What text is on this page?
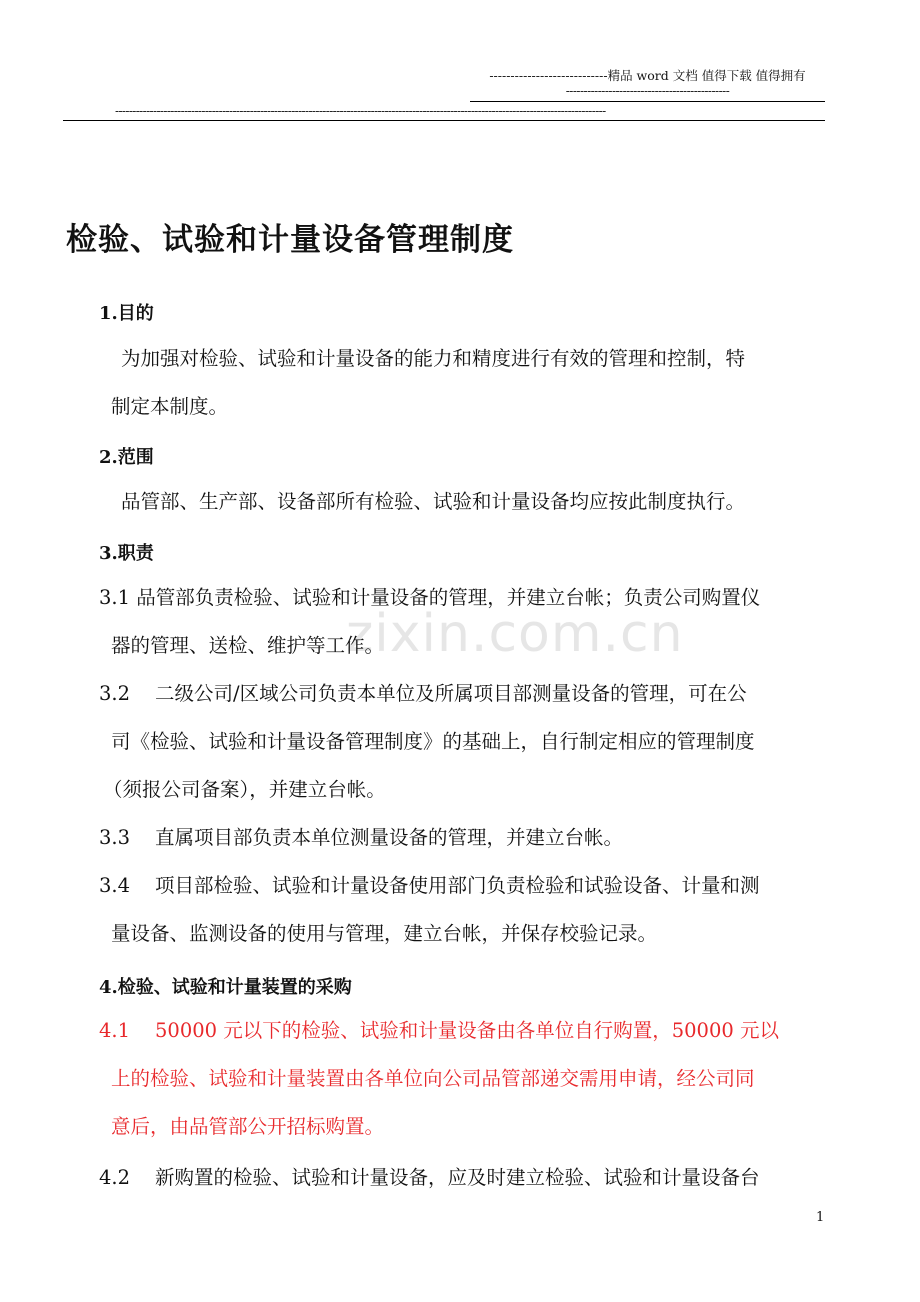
----------------------------精品 word 文档 值得下载 值得拥有
----------------------------------------------
----------------------------------------------------------------------------------------------------------------------------------------------
zixin.com.cn
检验、试验和计量设备管理制度
1.目的
为加强对检验、试验和计量设备的能力和精度进行有效的管理和控制，特
制定本制度。
2.范围
品管部、生产部、设备部所有检验、试验和计量设备均应按此制度执行。
3.职责
3.1 品管部负责检验、试验和计量设备的管理，并建立台帐；负责公司购置仪
器的管理、送检、维护等工作。
3.2 二级公司/区域公司负责本单位及所属项目部测量设备的管理，可在公
司《检验、试验和计量设备管理制度》的基础上，自行制定相应的管理制度
（须报公司备案），并建立台帐。
3.3 直属项目部负责本单位测量设备的管理，并建立台帐。
3.4 项目部检验、试验和计量设备使用部门负责检验和试验设备、计量和测
量设备、监测设备的使用与管理，建立台帐，并保存校验记录。
4.检验、试验和计量装置的采购
4.1 50000 元以下的检验、试验和计量设备由各单位自行购置，50000 元以
上的检验、试验和计量装置由各单位向公司品管部递交需用申请，经公司同
意后，由品管部公开招标购置。
4.2 新购置的检验、试验和计量设备，应及时建立检验、试验和计量设备台
1
